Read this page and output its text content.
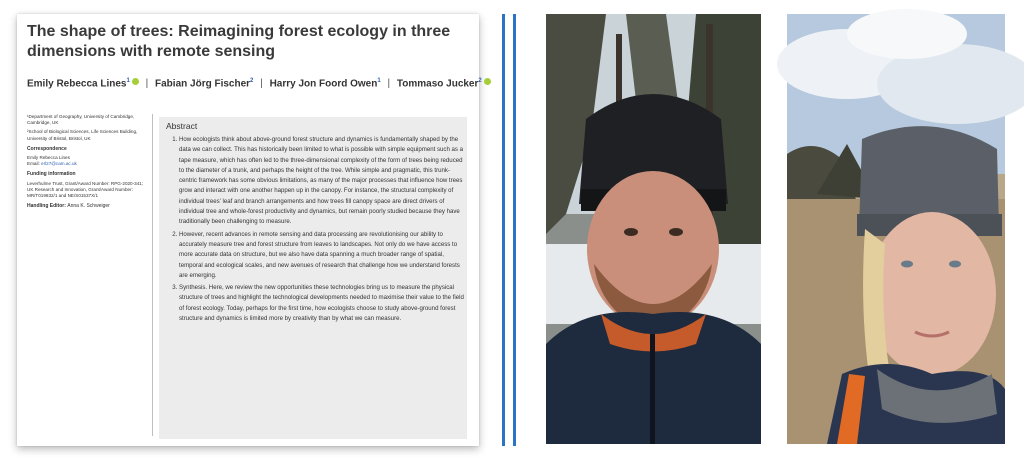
The shape of trees: Reimagining forest ecology in three dimensions with remote sensing
Emily Rebecca Lines$^1$ | Fabian Jörg Fischer$^2$ | Harry Jon Foord Owen$^1$ | Tommaso Jucker$^2$

¹Department of Geography, University of Cambridge, Cambridge, UK

²School of Biological Sciences, Life Sciences Building, University of Bristol, Bristol, UK

Correspondence

Emily Rebecca Lines

Email: erl27@cam.ac.uk

Funding information

Leverhulme Trust, Grant/Award Number: RPG-2020-341; UK Research and Innovation, Grant/Award Number: MR/T019832/1 and NE/S01537X/1

Handling Editor: Anna K. Schweiger

Abstract
1. How ecologists think about above-ground forest structure and dynamics is fundamentally shaped by the data we can collect. This has historically been limited to what is possible with simple equipment such as a tape measure, which has often led to the three-dimensional complexity of the form of trees being reduced to the diameter of a trunk, and perhaps the height of the tree. While simple and pragmatic, this trunk-centric framework has some obvious limitations, as many of the major processes that influence how trees grow and interact with one another happen up in the canopy. For instance, the structural complexity of individual trees' leaf and branch arrangements and how trees fill canopy space are direct drivers of individual tree and whole-forest productivity and dynamics, but remain poorly studied because they have traditionally been challenging to measure.
2. However, recent advances in remote sensing and data processing are revolutionising our ability to accurately measure tree and forest structure from leaves to landscapes. Not only do we have access to more accurate data on structure, but we also have data spanning a much broader range of spatial, temporal and ecological scales, and new avenues of research that challenge how we understand forests are emerging.
3. Synthesis. Here, we review the new opportunities these technologies bring us to measure the physical structure of trees and highlight the technological developments needed to maximise their value to the field of forest ecology. Today, perhaps for the first time, how ecologists choose to study above-ground forest structure and dynamics is limited more by creativity than by what we can measure.
